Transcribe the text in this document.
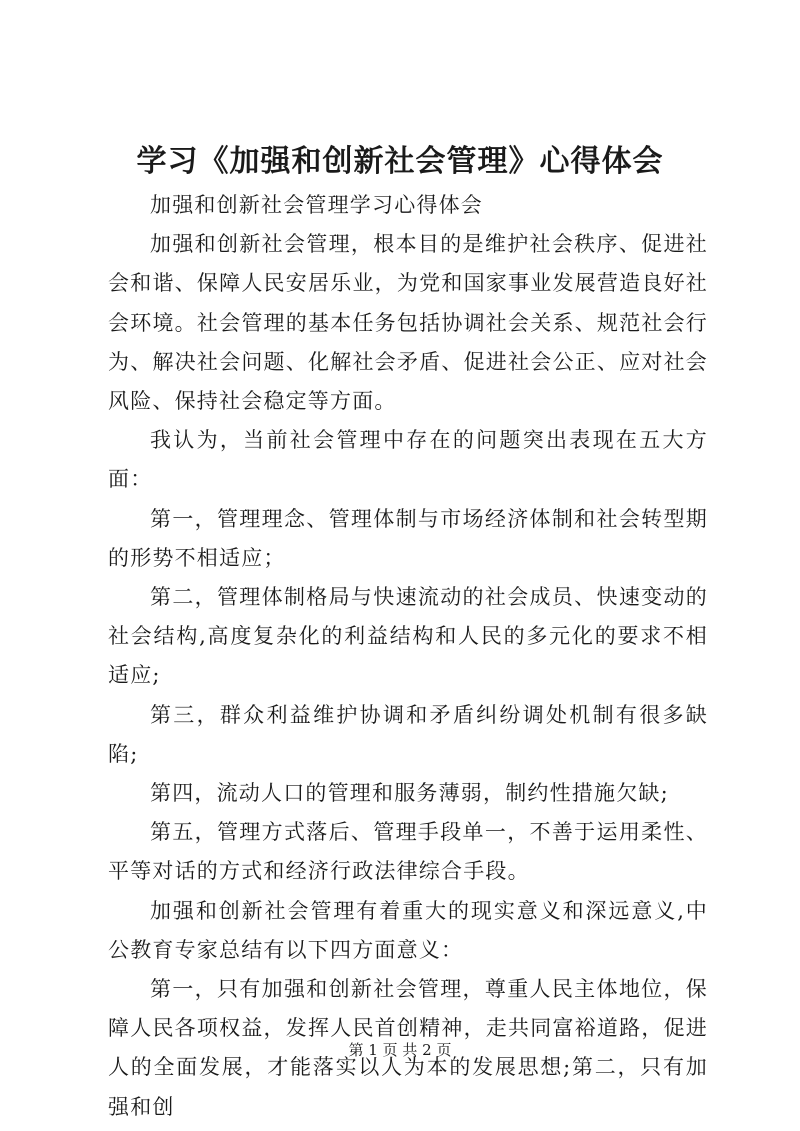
学习《加强和创新社会管理》心得体会

加强和创新社会管理学习心得体会

加强和创新社会管理，根本目的是维护社会秩序、促进社会和谐、保障人民安居乐业，为党和国家事业发展营造良好社会环境。社会管理的基本任务包括协调社会关系、规范社会行为、解决社会问题、化解社会矛盾、促进社会公正、应对社会风险、保持社会稳定等方面。

我认为，当前社会管理中存在的问题突出表现在五大方面：

第一，管理理念、管理体制与市场经济体制和社会转型期的形势不相适应；

第二，管理体制格局与快速流动的社会成员、快速变动的社会结构,高度复杂化的利益结构和人民的多元化的要求不相适应;

第三，群众利益维护协调和矛盾纠纷调处机制有很多缺陷;

第四，流动人口的管理和服务薄弱，制约性措施欠缺;

第五，管理方式落后、管理手段单一，不善于运用柔性、平等对话的方式和经济行政法律综合手段。

加强和创新社会管理有着重大的现实意义和深远意义,中公教育专家总结有以下四方面意义：

第一，只有加强和创新社会管理，尊重人民主体地位，保障人民各项权益，发挥人民首创精神，走共同富裕道路，促进人的全面发展，才能落实以人为本的发展思想;第二，只有加强和创

第 1 页 共 2 页
